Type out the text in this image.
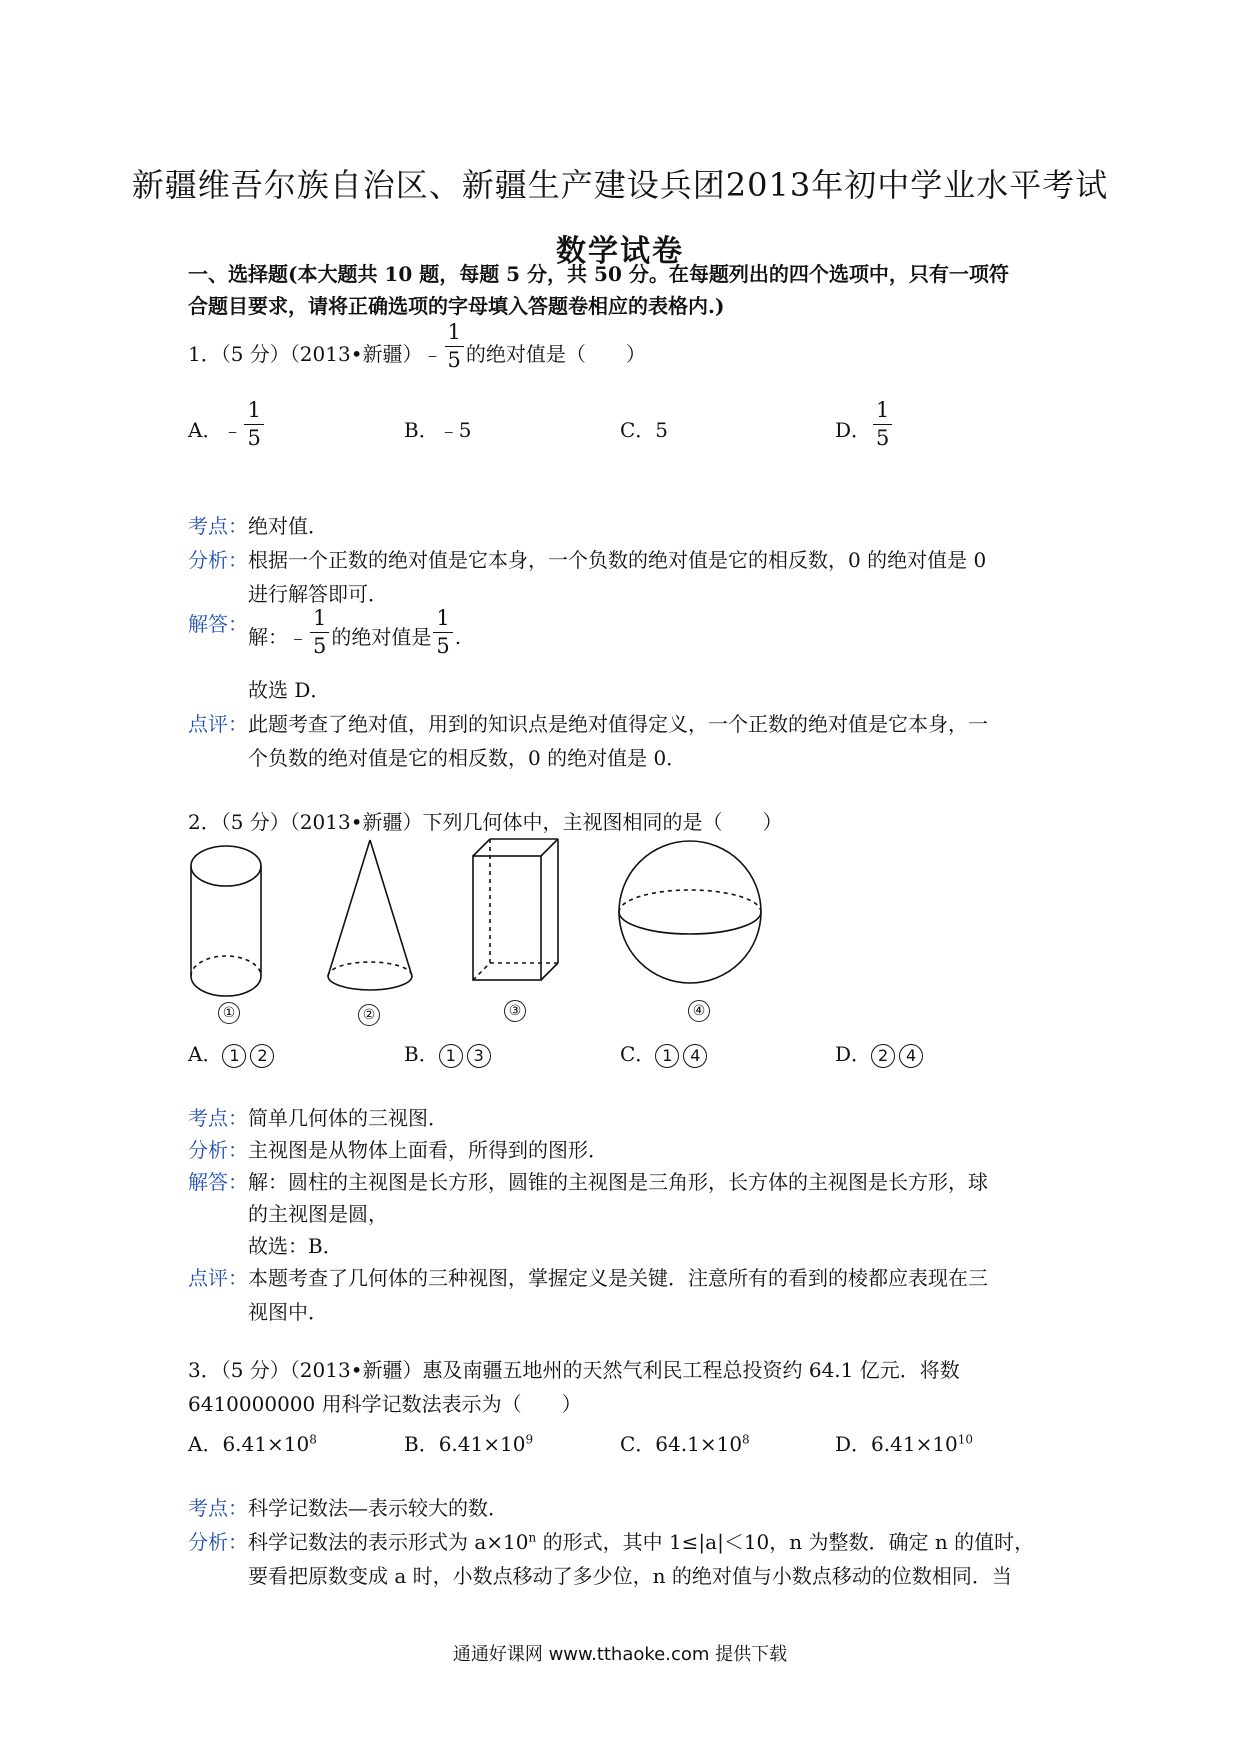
新疆维吾尔族自治区、新疆生产建设兵团2013年初中学业水平考试
数学试卷
一、选择题(本大题共 10 题，每题 5 分，共 50 分。在每题列出的四个选项中，只有一项符
合题目要求，请将正确选项的字母填入答题卷相应的表格内.)
1．（5 分）（2013•新疆）﹣ $\frac{1}{5}$ 的绝对值是（　　）
A．﹣ $\frac{1}{5}$	B．﹣5	C．5	D． $\frac{1}{5}$
考点：绝对值．
分析：根据一个正数的绝对值是它本身，一个负数的绝对值是它的相反数，0 的绝对值是 0
进行解答即可．
解答：
解：﹣ $\frac{1}{5}$ 的绝对值是 $\frac{1}{5}$ .
故选 D．
点评：此题考查了绝对值，用到的知识点是绝对值得定义，一个正数的绝对值是它本身，一
个负数的绝对值是它的相反数，0 的绝对值是 0．
2．（5 分）（2013•新疆）下列几何体中，主视图相同的是（　　）
①	②	③	④
A． 1 2	B． 1 3	C． 1 4	D． 2 4
考点：简单几何体的三视图．
分析：主视图是从物体上面看，所得到的图形．
解答：解：圆柱的主视图是长方形，圆锥的主视图是三角形，长方体的主视图是长方形，球
的主视图是圆，
故选：B．
点评：本题考查了几何体的三种视图，掌握定义是关键．注意所有的看到的棱都应表现在三
视图中．
3．（5 分）（2013•新疆）惠及南疆五地州的天然气利民工程总投资约 64.1 亿元．将数
6410000000 用科学记数法表示为（　　）
A．$6.41\times 10^8$	B．$6.41\times 10^9$	C．$64.1\times 10^8$	D．$6.41\times 10^{10}$
考点：科学记数法—表示较大的数．
分析：科学记数法的表示形式为 $a\times 10^n$ 的形式，其中 1≤|a|＜10，n 为整数．确定 n 的值时，
要看把原数变成 a 时，小数点移动了多少位，n 的绝对值与小数点移动的位数相同．当
通通好课网 www.tthaoke.com 提供下载
